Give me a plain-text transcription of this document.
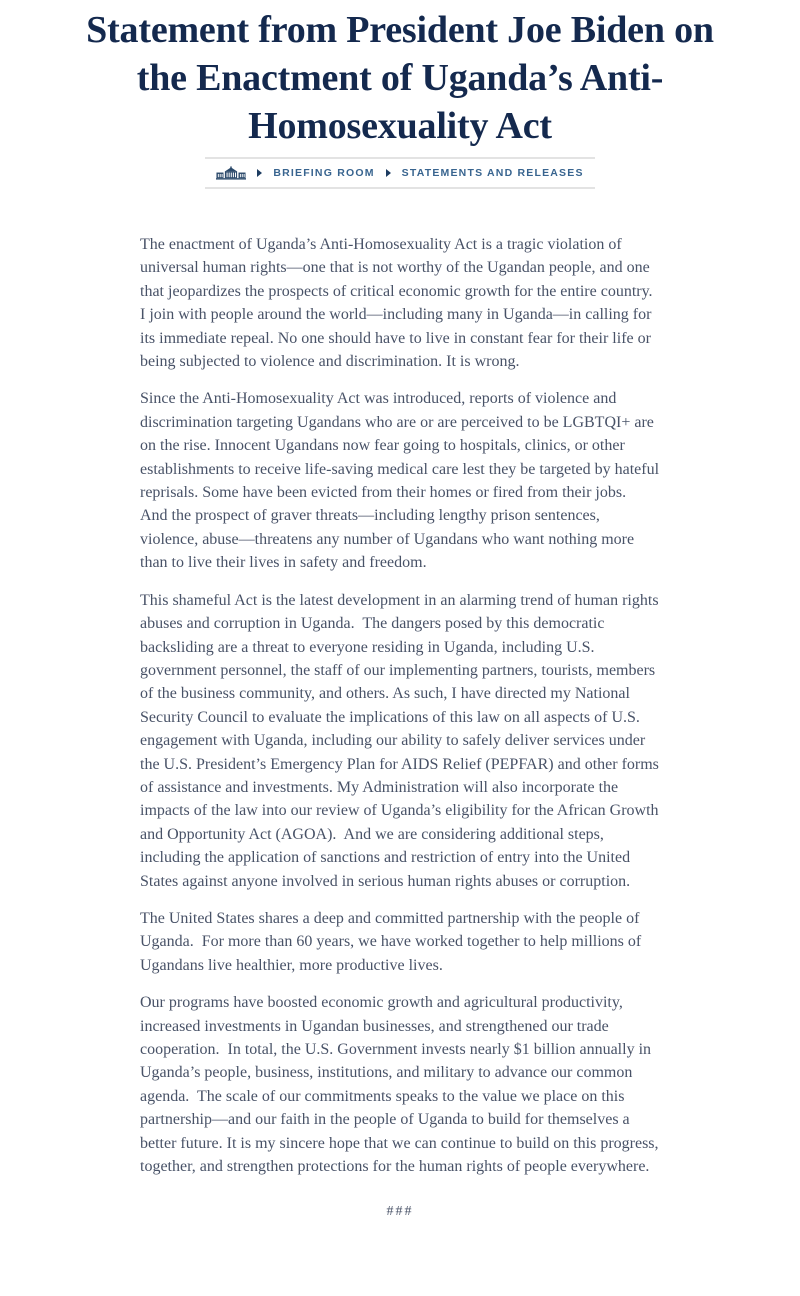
Statement from President Joe Biden on
the Enactment of Uganda’s Anti-
Homosexuality Act
BRIEFING ROOM	STATEMENTS AND RELEASES

The enactment of Uganda’s Anti-Homosexuality Act is a tragic violation of universal human rights—one that is not worthy of the Ugandan people, and one that jeopardizes the prospects of critical economic growth for the entire country. I join with people around the world—including many in Uganda—in calling for its immediate repeal. No one should have to live in constant fear for their life or being subjected to violence and discrimination. It is wrong.

Since the Anti-Homosexuality Act was introduced, reports of violence and discrimination targeting Ugandans who are or are perceived to be LGBTQI+ are on the rise. Innocent Ugandans now fear going to hospitals, clinics, or other establishments to receive life-saving medical care lest they be targeted by hateful reprisals. Some have been evicted from their homes or fired from their jobs.  And the prospect of graver threats—including lengthy prison sentences, violence, abuse—threatens any number of Ugandans who want nothing more than to live their lives in safety and freedom.

This shameful Act is the latest development in an alarming trend of human rights abuses and corruption in Uganda.  The dangers posed by this democratic backsliding are a threat to everyone residing in Uganda, including U.S. government personnel, the staff of our implementing partners, tourists, members of the business community, and others. As such, I have directed my National Security Council to evaluate the implications of this law on all aspects of U.S. engagement with Uganda, including our ability to safely deliver services under the U.S. President’s Emergency Plan for AIDS Relief (PEPFAR) and other forms of assistance and investments. My Administration will also incorporate the impacts of the law into our review of Uganda’s eligibility for the African Growth and Opportunity Act (AGOA).  And we are considering additional steps, including the application of sanctions and restriction of entry into the United States against anyone involved in serious human rights abuses or corruption.

The United States shares a deep and committed partnership with the people of Uganda.  For more than 60 years, we have worked together to help millions of Ugandans live healthier, more productive lives.

Our programs have boosted economic growth and agricultural productivity, increased investments in Ugandan businesses, and strengthened our trade cooperation.  In total, the U.S. Government invests nearly $1 billion annually in Uganda’s people, business, institutions, and military to advance our common agenda.  The scale of our commitments speaks to the value we place on this partnership—and our faith in the people of Uganda to build for themselves a better future. It is my sincere hope that we can continue to build on this progress, together, and strengthen protections for the human rights of people everywhere.

###
